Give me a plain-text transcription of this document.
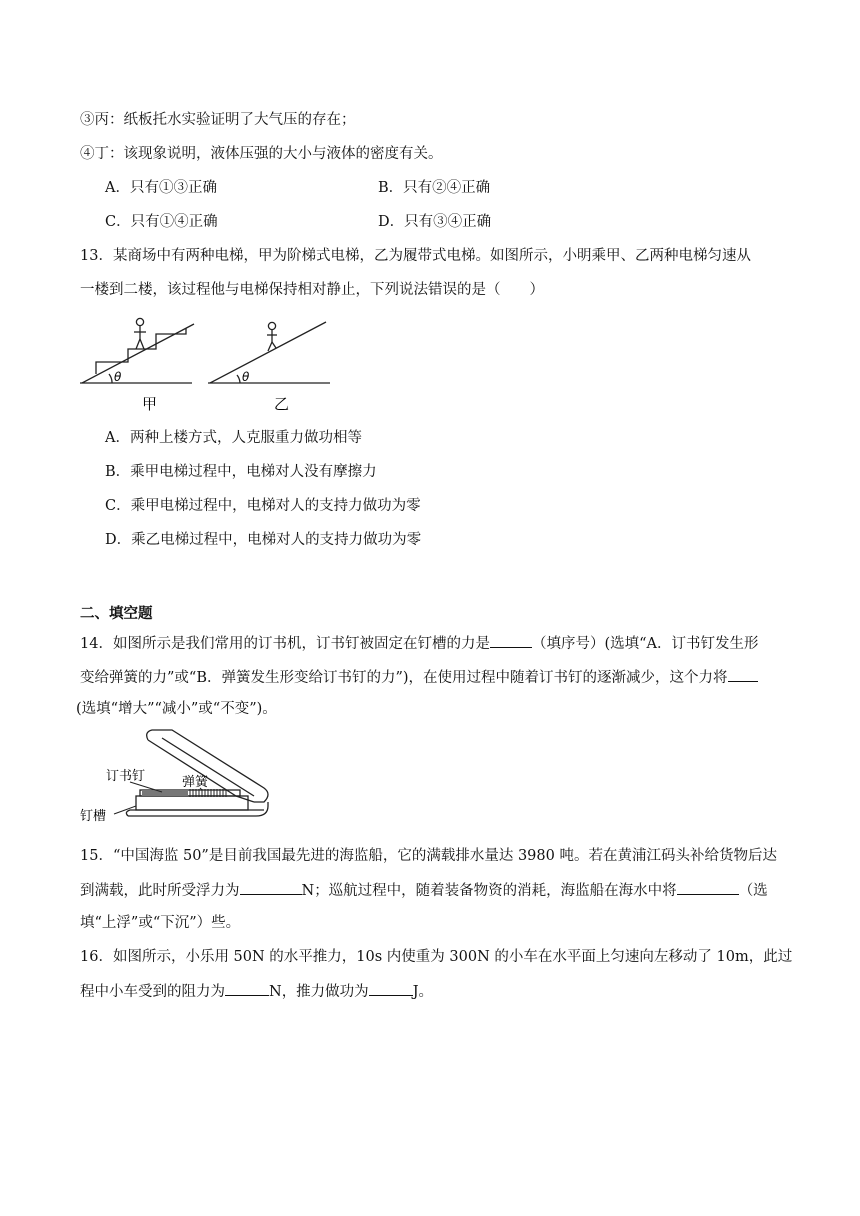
③丙：纸板托水实验证明了大气压的存在；
④丁：该现象说明，液体压强的大小与液体的密度有关。
A．只有①③正确	B．只有②④正确
C．只有①④正确	D．只有③④正确
13．某商场中有两种电梯，甲为阶梯式电梯，乙为履带式电梯。如图所示，小明乘甲、乙两种电梯匀速从
一楼到二楼，该过程他与电梯保持相对静止，下列说法错误的是（　　）
θ	θ
甲	乙
A．两种上楼方式，人克服重力做功相等
B．乘甲电梯过程中，电梯对人没有摩擦力
C．乘甲电梯过程中，电梯对人的支持力做功为零
D．乘乙电梯过程中，电梯对人的支持力做功为零
二、填空题
14．如图所示是我们常用的订书机，订书钉被固定在钉槽的力是	（填序号）(选填“A．订书钉发生形
变给弹簧的力”或“B．弹簧发生形变给订书钉的力”)，在使用过程中随着订书钉的逐渐减少，这个力将
(选填“增大”“减小”或“不变”)。
订书钉	弹簧
钉槽
15．“中国海监 50”是目前我国最先进的海监船，它的满载排水量达 3980 吨。若在黄浦江码头补给货物后达
到满载，此时所受浮力为	N；巡航过程中，随着装备物资的消耗，海监船在海水中将	（选
填“上浮”或“下沉”）些。
16．如图所示，小乐用 50N 的水平推力，10s 内使重为 300N 的小车在水平面上匀速向左移动了 10m，此过
程中小车受到的阻力为	N，推力做功为	J。
